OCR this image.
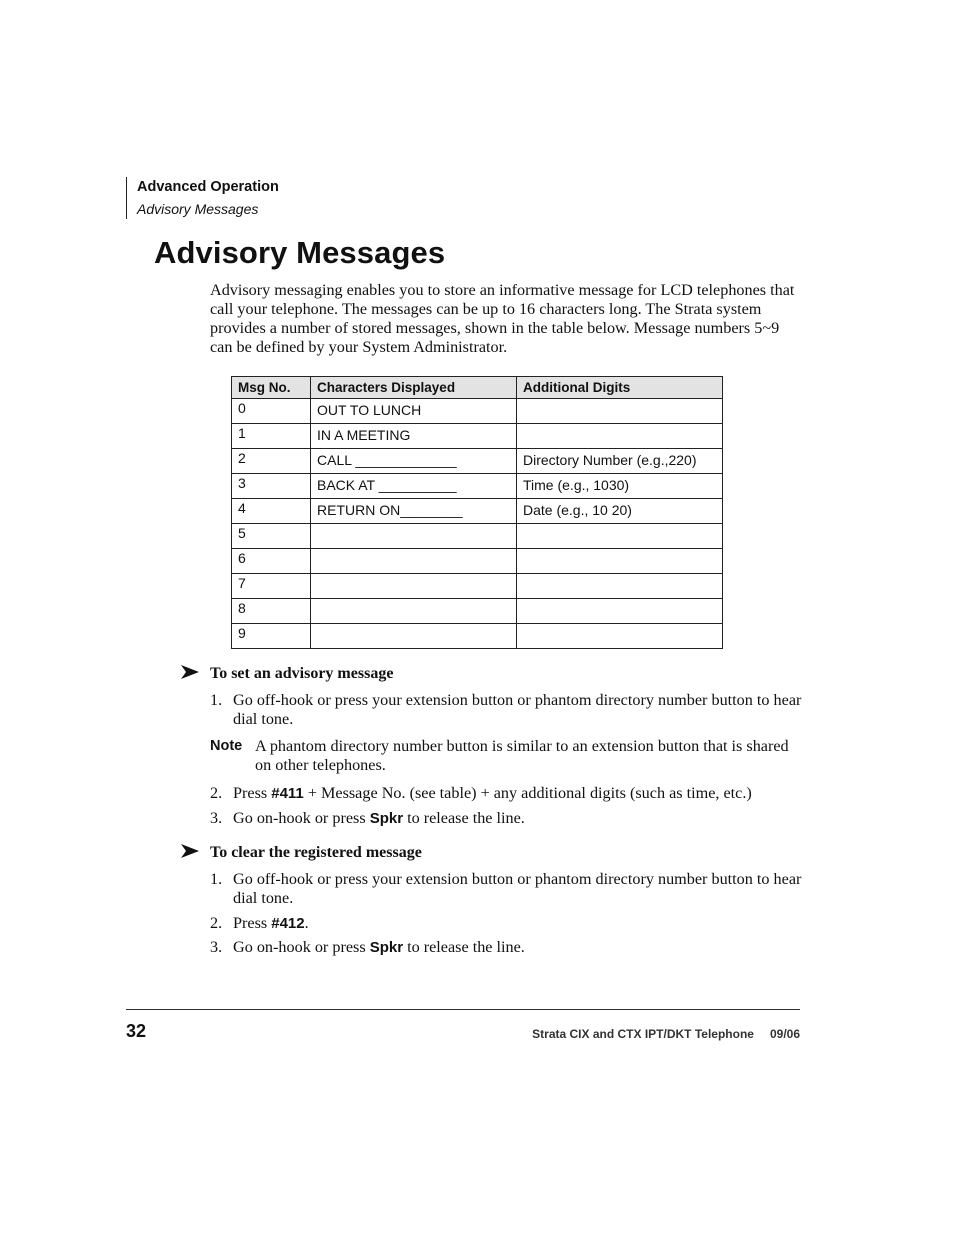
Advanced Operation
Advisory Messages
Advisory Messages

Advisory messaging enables you to store an informative message for LCD telephones that call your telephone. The messages can be up to 16 characters long. The Strata system provides a number of stored messages, shown in the table below. Message numbers 5~9 can be defined by your System Administrator.

Msg No.	Characters Displayed	Additional Digits
0	OUT TO LUNCH	
1	IN A MEETING	
2	CALL _____________	Directory Number (e.g.,220)
3	BACK AT __________	Time (e.g., 1030)
4	RETURN ON________	Date (e.g., 10 20)
5		
6		
7		
8		
9		
To set an advisory message
1. Go off-hook or press your extension button or phantom directory number button to hear dial tone.
Note A phantom directory number button is similar to an extension button that is shared on other telephones.
2. Press #411 + Message No. (see table) + any additional digits (such as time, etc.)
3. Go on-hook or press Spkr to release the line.
To clear the registered message
1. Go off-hook or press your extension button or phantom directory number button to hear dial tone.
2. Press #412.
3. Go on-hook or press Spkr to release the line.
32	Strata CIX and CTX IPT/DKT Telephone 09/06
